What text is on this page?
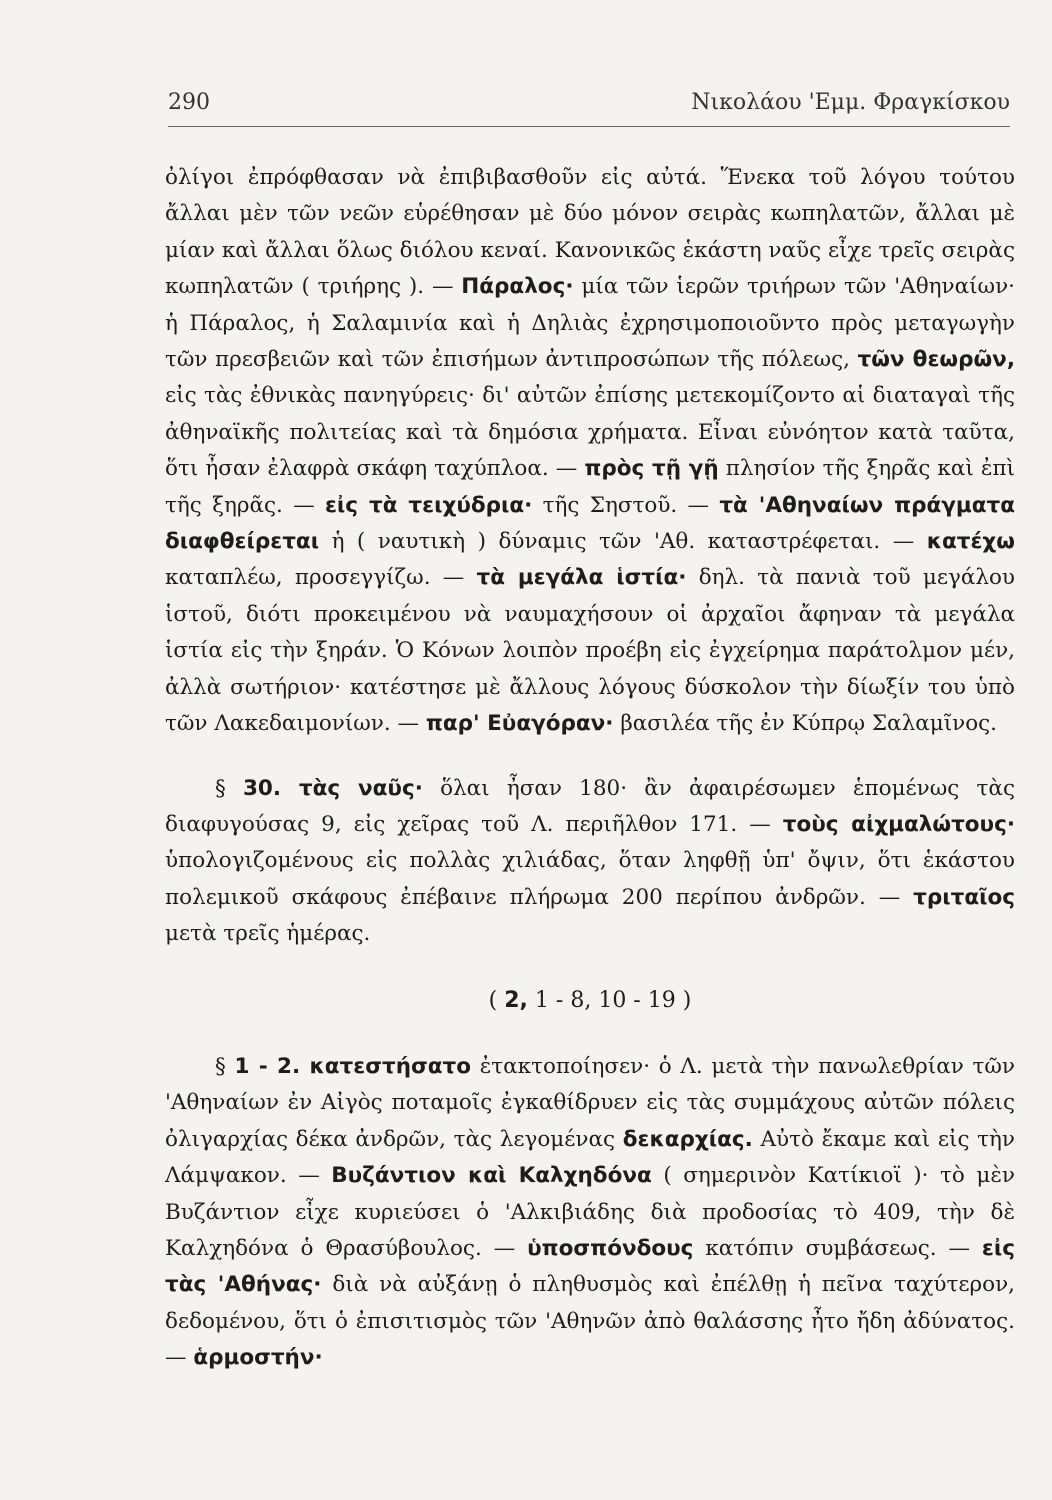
290	Νικολάου 'Εμμ. Φραγκίσκου

ὀλίγοι ἐπρόφθασαν νὰ ἐπιβιβασθοῦν εἰς αὐτά. Ἕνεκα τοῦ λόγου τούτου ἄλλαι μὲν τῶν νεῶν εὑρέθησαν μὲ δύο μόνον σειρὰς κωπηλατῶν, ἄλλαι μὲ μίαν καὶ ἄλλαι ὅλως διόλου κεναί. Κανονικῶς ἑκάστη ναῦς εἶχε τρεῖς σειρὰς κωπηλατῶν ( τριήρης ). — Πάραλος· μία τῶν ἱερῶν τριήρων τῶν 'Αθηναίων· ἡ Πάραλος, ἡ Σαλαμινία καὶ ἡ Δηλιὰς ἐχρησιμοποιοῦντο πρὸς μεταγωγὴν τῶν πρεσβειῶν καὶ τῶν ἐπισήμων ἀντιπροσώπων τῆς πόλεως, τῶν θεωρῶν, εἰς τὰς ἐθνικὰς πανηγύρεις· δι' αὐτῶν ἐπίσης μετεκομίζοντο αἱ διαταγαὶ τῆς ἀθηναϊκῆς πολιτείας καὶ τὰ δημόσια χρήματα. Εἶναι εὐνόητον κατὰ ταῦτα, ὅτι ἦσαν ἐλαφρὰ σκάφη ταχύπλοα. — πρὸς τῇ γῇ πλησίον τῆς ξηρᾶς καὶ ἐπὶ τῆς ξηρᾶς. — εἰς τὰ τειχύδρια· τῆς Σηστοῦ. — τὰ 'Αθηναίων πράγματα διαφθείρεται ἡ ( ναυτικὴ ) δύναμις τῶν 'Αθ. καταστρέφεται. — κατέχω καταπλέω, προσεγγίζω. — τὰ μεγάλα ἱστία· δηλ. τὰ πανιὰ τοῦ μεγάλου ἱστοῦ, διότι προκειμένου νὰ ναυμαχήσουν οἱ ἀρχαῖοι ἄφηναν τὰ μεγάλα ἱστία εἰς τὴν ξηράν. Ὁ Κόνων λοιπὸν προέβη εἰς ἐγχείρημα παράτολμον μέν, ἀλλὰ σωτήριον· κατέστησε μὲ ἄλλους λόγους δύσκολον τὴν δίωξίν του ὑπὸ τῶν Λακεδαιμονίων. — παρ' Εὐαγόραν· βασιλέα τῆς ἐν Κύπρῳ Σαλαμῖνος.

§ 30. τὰς ναῦς· ὅλαι ἦσαν 180· ἂν ἀφαιρέσωμεν ἑπομένως τὰς διαφυγούσας 9, εἰς χεῖρας τοῦ Λ. περιῆλθον 171. — τοὺς αἰχμαλώτους· ὑπολογιζομένους εἰς πολλὰς χιλιάδας, ὅταν ληφθῇ ὑπ' ὄψιν, ὅτι ἑκάστου πολεμικοῦ σκάφους ἐπέβαινε πλήρωμα 200 περίπου ἀνδρῶν. — τριταῖος μετὰ τρεῖς ἡμέρας.

( 2, 1 - 8, 10 - 19 )

§ 1 - 2. κατεστήσατο ἐτακτοποίησεν· ὁ Λ. μετὰ τὴν πανωλεθρίαν τῶν 'Αθηναίων ἐν Αἰγὸς ποταμοῖς ἐγκαθίδρυεν εἰς τὰς συμμάχους αὐτῶν πόλεις ὀλιγαρχίας δέκα ἀνδρῶν, τὰς λεγομένας δεκαρχίας. Αὐτὸ ἔκαμε καὶ εἰς τὴν Λάμψακον. — Βυζάντιον καὶ Καλχηδόνα ( σημερινὸν Κατίκιοϊ )· τὸ μὲν Βυζάντιον εἶχε κυριεύσει ὁ 'Αλκιβιάδης διὰ προδοσίας τὸ 409, τὴν δὲ Καλχηδόνα ὁ Θρασύβουλος. — ὑποσπόνδους κατόπιν συμβάσεως. — εἰς τὰς 'Αθήνας· διὰ νὰ αὐξάνῃ ὁ πληθυσμὸς καὶ ἐπέλθῃ ἡ πεῖνα ταχύτερον, δεδομένου, ὅτι ὁ ἐπισιτισμὸς τῶν 'Αθηνῶν ἀπὸ θαλάσσης ἦτο ἤδη ἀδύνατος. — ἁρμοστήν·
